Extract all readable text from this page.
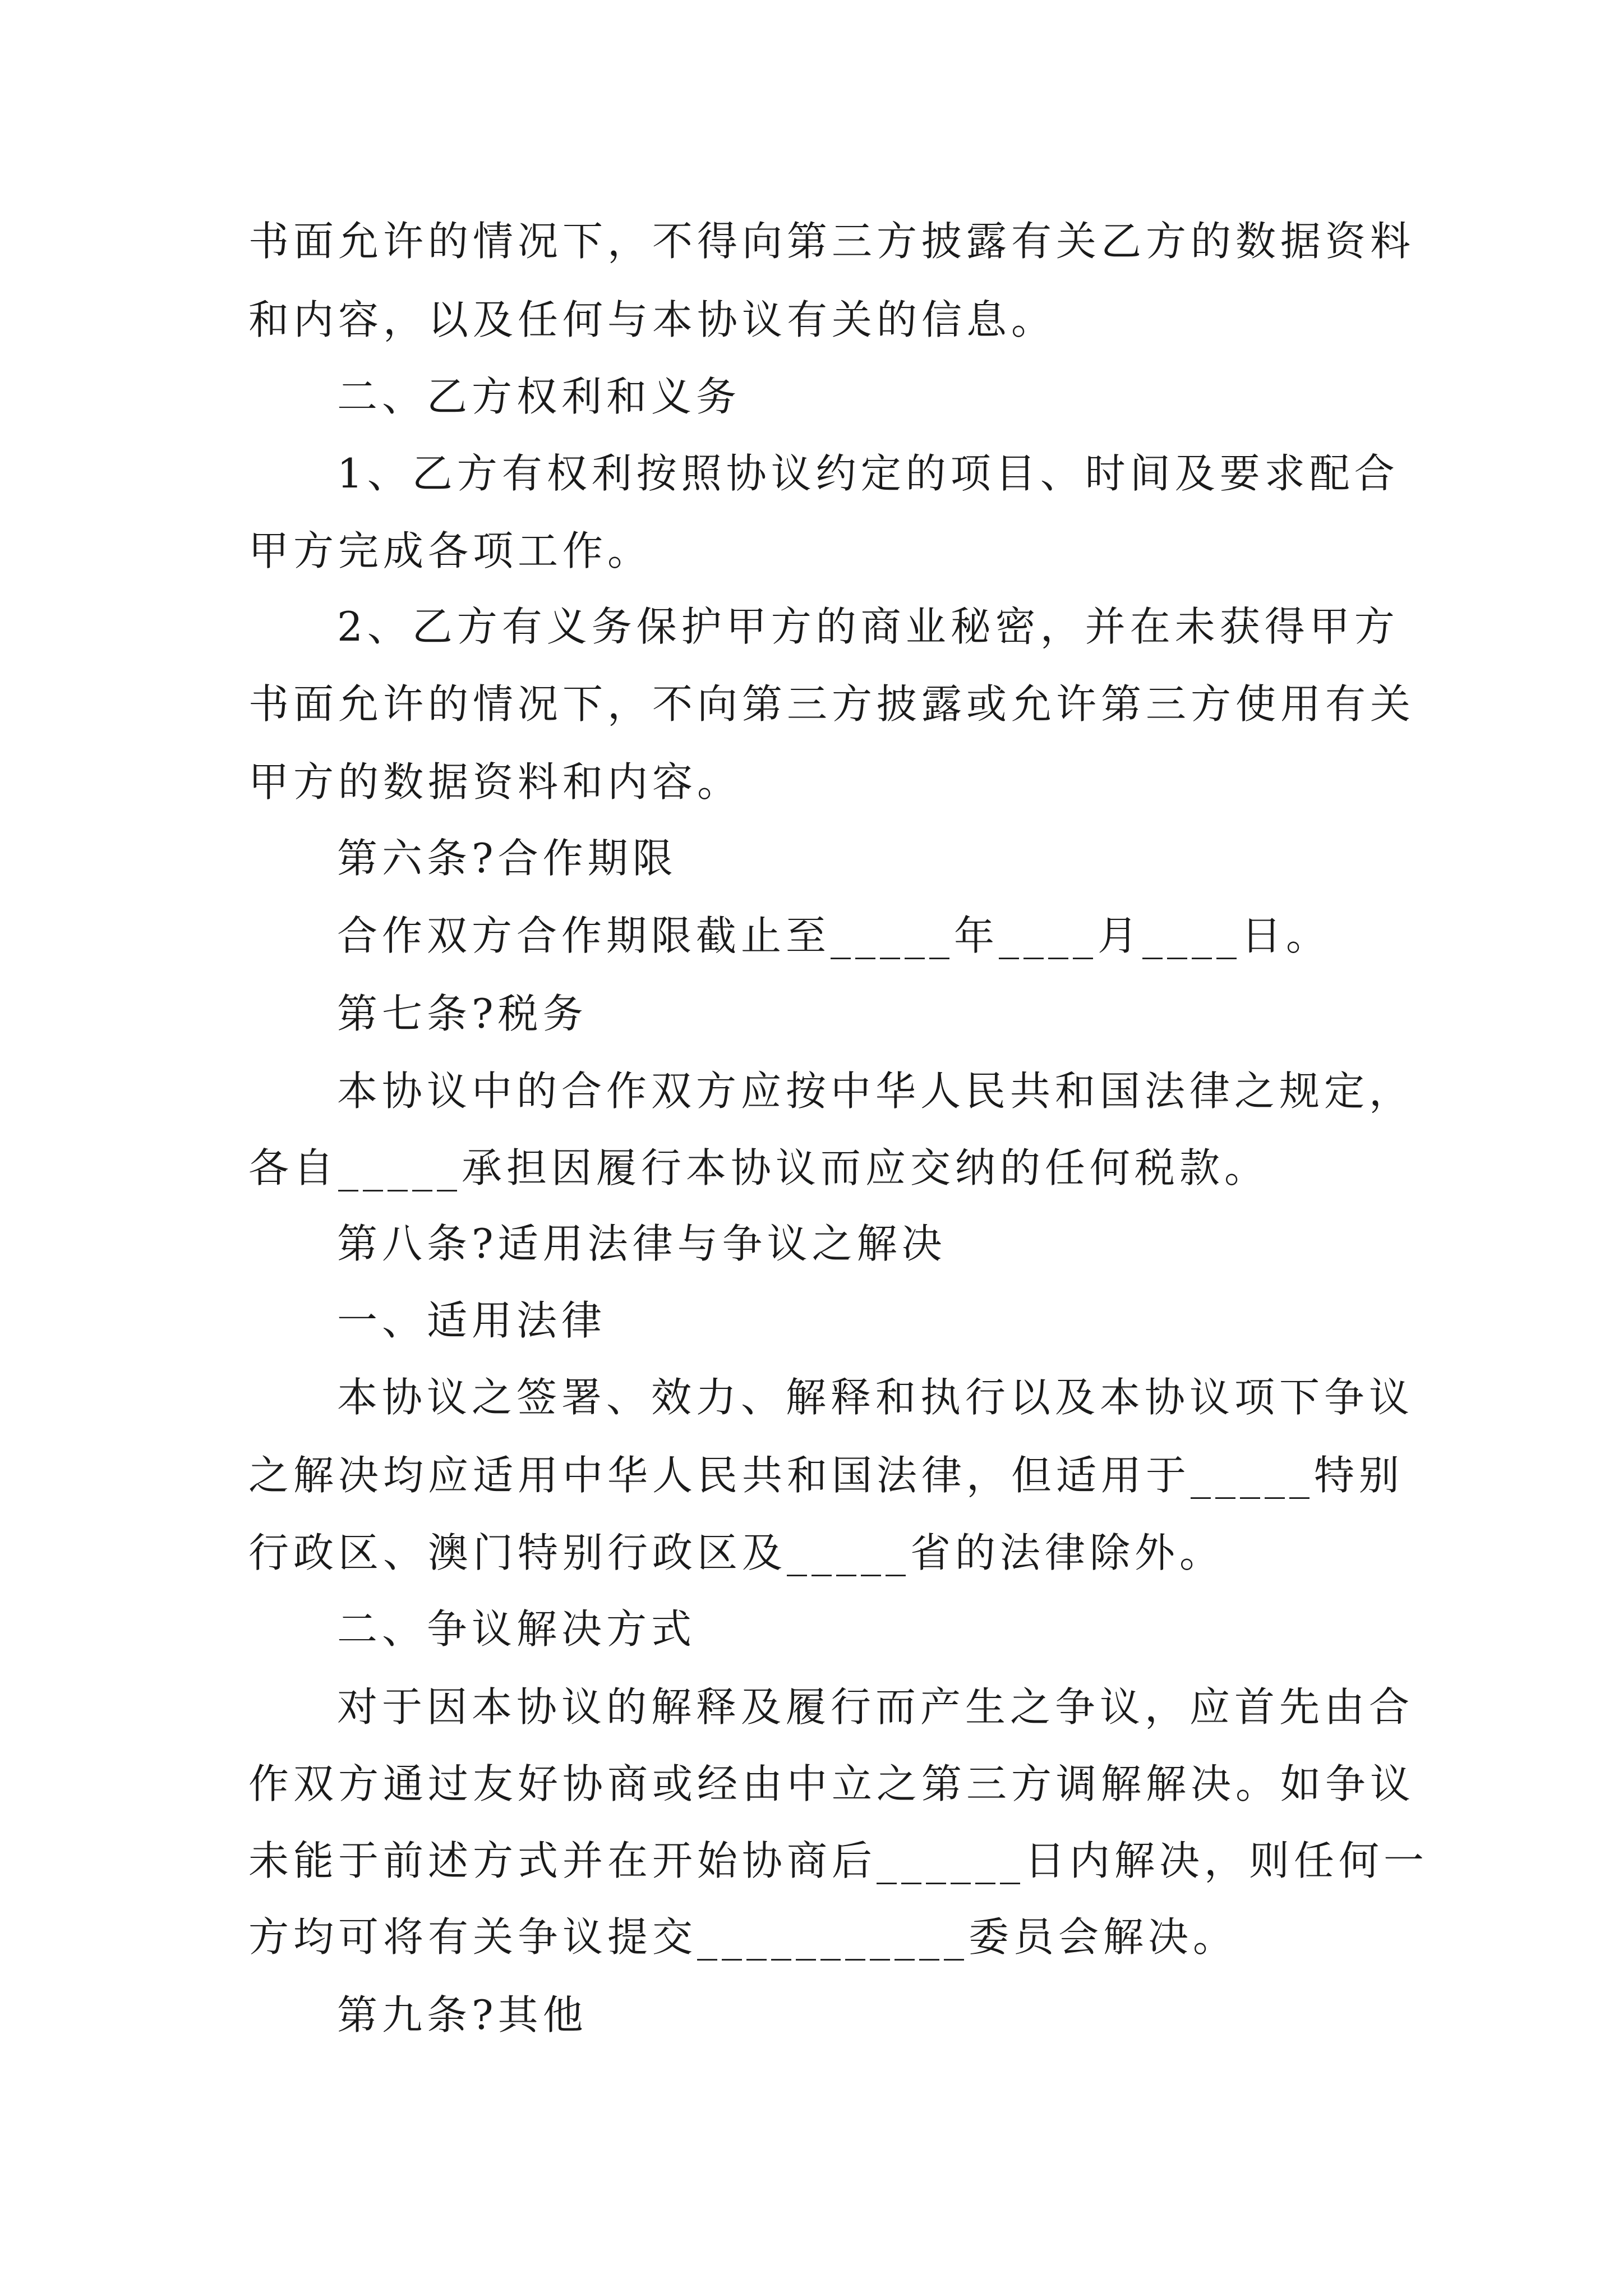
书面允许的情况下，不得向第三方披露有关乙方的数据资料
和内容，以及任何与本协议有关的信息。
二、乙方权利和义务
1、乙方有权利按照协议约定的项目、时间及要求配合
甲方完成各项工作。
2、乙方有义务保护甲方的商业秘密，并在未获得甲方
书面允许的情况下，不向第三方披露或允许第三方使用有关
甲方的数据资料和内容。
第六条?合作期限
合作双方合作期限截止至_____年____月____日。
第七条?税务
本协议中的合作双方应按中华人民共和国法律之规定，
各自_____承担因履行本协议而应交纳的任何税款。
第八条?适用法律与争议之解决
一、适用法律
本协议之签署、效力、解释和执行以及本协议项下争议
之解决均应适用中华人民共和国法律，但适用于_____特别
行政区、澳门特别行政区及_____省的法律除外。
二、争议解决方式
对于因本协议的解释及履行而产生之争议，应首先由合
作双方通过友好协商或经由中立之第三方调解解决。如争议
未能于前述方式并在开始协商后______日内解决，则任何一
方均可将有关争议提交___________委员会解决。
第九条?其他
